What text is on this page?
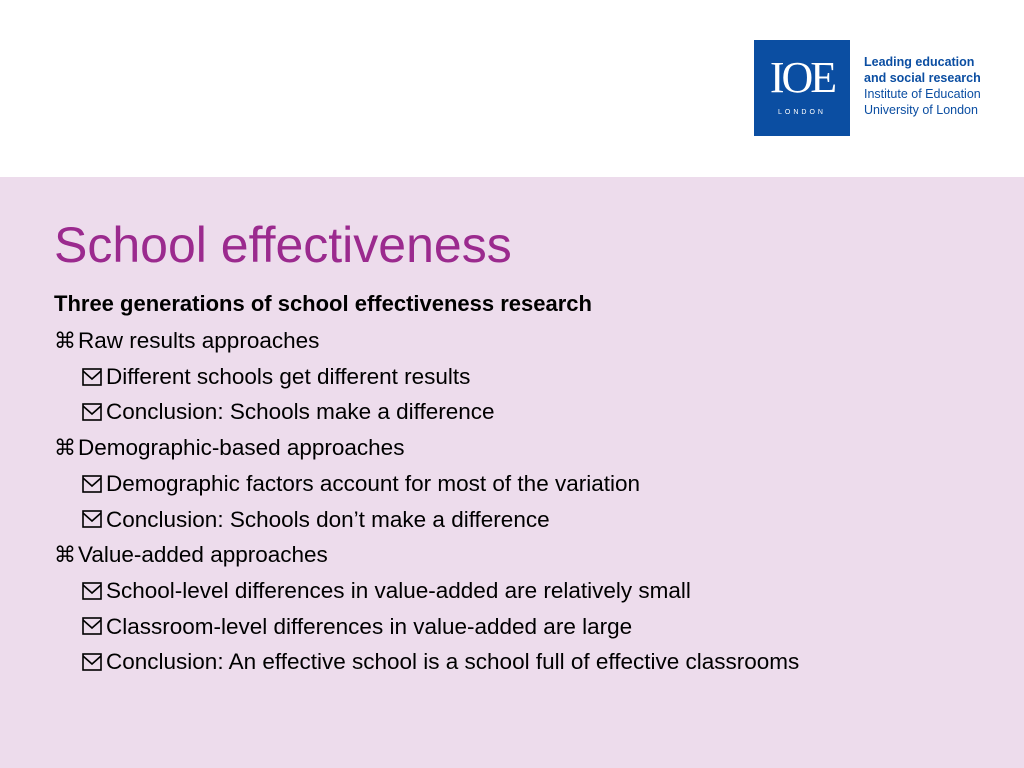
IOE
LONDON
Leading education
and social research
Institute of Education
University of London
School effectiveness
Three generations of school effectiveness research
⌘ Raw results approaches
Different schools get different results
Conclusion: Schools make a difference
⌘ Demographic-based approaches
Demographic factors account for most of the variation
Conclusion: Schools don’t make a difference
⌘ Value-added approaches
School-level differences in value-added are relatively small
Classroom-level differences in value-added are large
Conclusion: An effective school is a school full of effective classrooms
